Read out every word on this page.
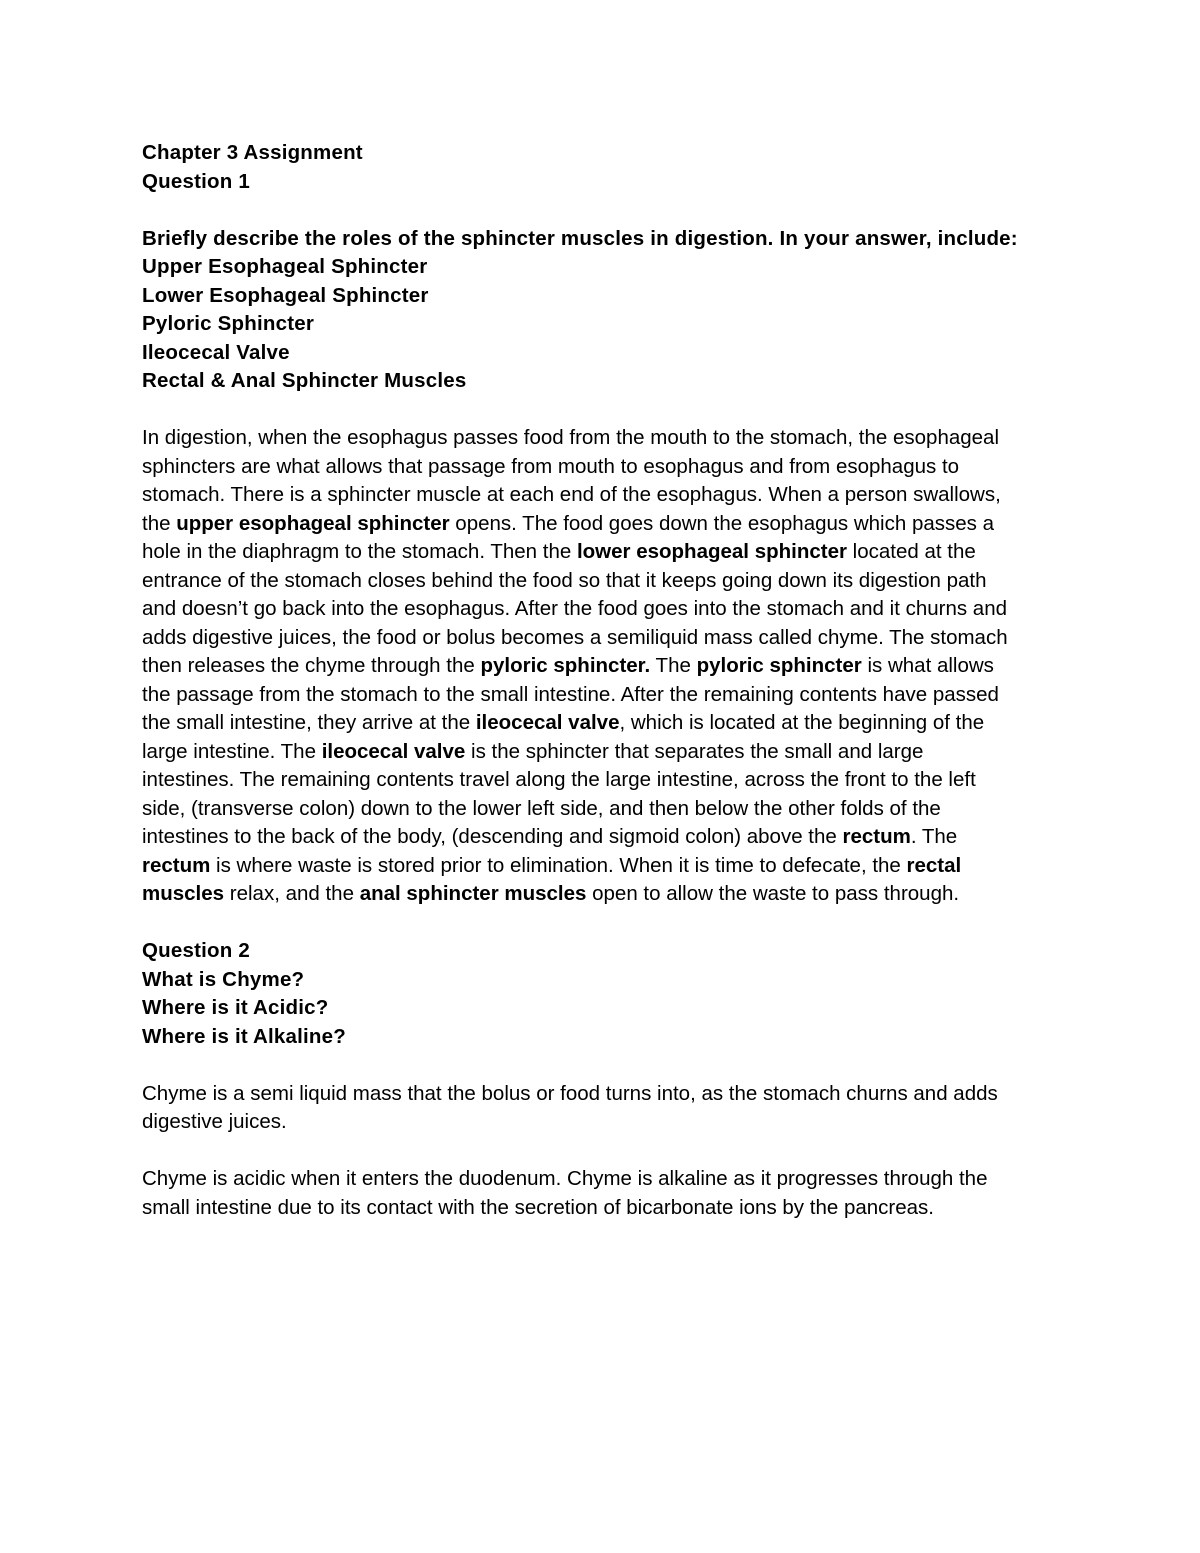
Chapter 3 Assignment
Question 1
Briefly describe the roles of the sphincter muscles in digestion. In your answer, include:
Upper Esophageal Sphincter
Lower Esophageal Sphincter
Pyloric Sphincter
Ileocecal Valve
Rectal & Anal Sphincter Muscles
In digestion, when the esophagus passes food from the mouth to the stomach, the esophageal
sphincters are what allows that passage from mouth to esophagus and from esophagus to
stomach. There is a sphincter muscle at each end of the esophagus. When a person swallows,
the upper esophageal sphincter opens. The food goes down the esophagus which passes a
hole in the diaphragm to the stomach. Then the lower esophageal sphincter located at the
entrance of the stomach closes behind the food so that it keeps going down its digestion path
and doesn’t go back into the esophagus. After the food goes into the stomach and it churns and
adds digestive juices, the food or bolus becomes a semiliquid mass called chyme. The stomach
then releases the chyme through the pyloric sphincter. The pyloric sphincter is what allows
the passage from the stomach to the small intestine. After the remaining contents have passed
the small intestine, they arrive at the ileocecal valve, which is located at the beginning of the
large intestine. The ileocecal valve is the sphincter that separates the small and large
intestines. The remaining contents travel along the large intestine, across the front to the left
side, (transverse colon) down to the lower left side, and then below the other folds of the
intestines to the back of the body, (descending and sigmoid colon) above the rectum. The
rectum is where waste is stored prior to elimination. When it is time to defecate, the rectal
muscles relax, and the anal sphincter muscles open to allow the waste to pass through.
Question 2
What is Chyme?
Where is it Acidic?
Where is it Alkaline?
Chyme is a semi liquid mass that the bolus or food turns into, as the stomach churns and adds
digestive juices.
Chyme is acidic when it enters the duodenum. Chyme is alkaline as it progresses through the
small intestine due to its contact with the secretion of bicarbonate ions by the pancreas.
